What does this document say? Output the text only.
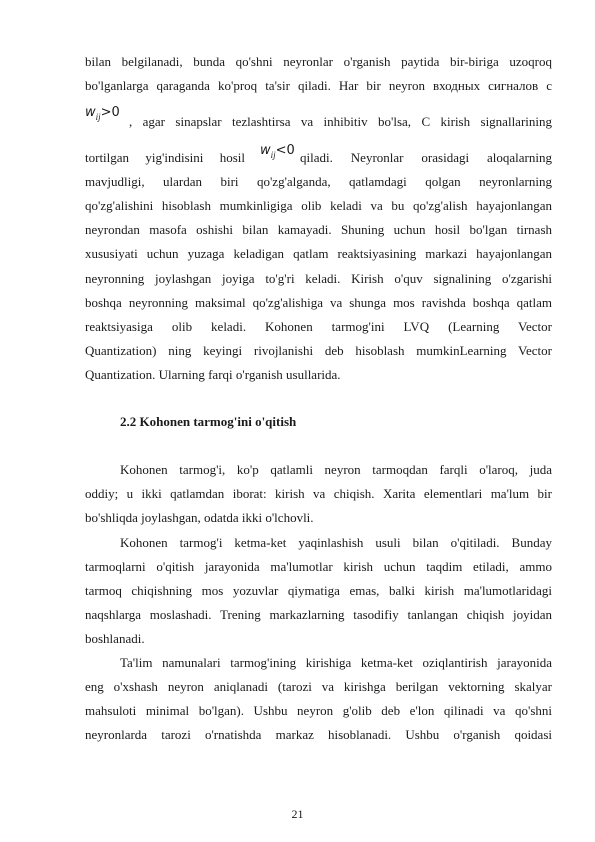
bilan belgilanadi, bunda qo'shni neyronlar o'rganish paytida bir-biriga uzoqroq
bo'lganlarga qaraganda ko'proq ta'sir qiladi. Har bir neyron входных сигналов с
$w_{ij}>0$
, agar sinapslar tezlashtirsa va inhibitiv bo'lsa, С kirish signallarining
tortilgan yig'indisini hosil $w_{ij}<0$ qiladi. Neyronlar orasidagi aloqalarning
mavjudligi, ulardan biri qo'zg'alganda, qatlamdagi qolgan neyronlarning
qo'zg'alishini hisoblash mumkinligiga olib keladi va bu qo'zg'alish hayajonlangan
neyrondan masofa oshishi bilan kamayadi. Shuning uchun hosil bo'lgan tirnash
xususiyati uchun yuzaga keladigan qatlam reaktsiyasining markazi hayajonlangan
neyronning joylashgan joyiga to'g'ri keladi. Kirish o'quv signalining o'zgarishi
boshqa neyronning maksimal qo'zg'alishiga va shunga mos ravishda boshqa qatlam
reaktsiyasiga olib keladi. Kohonen tarmog'ini LVQ (Learning Vector
Quantization) ning keyingi rivojlanishi deb hisoblash mumkinLearning Vector
Quantization. Ularning farqi o'rganish usullarida.
2.2 Kohonen tarmog'ini o'qitish
Kohonen tarmog'i, ko'p qatlamli neyron tarmoqdan farqli o'laroq, juda
oddiy; u ikki qatlamdan iborat: kirish va chiqish. Xarita elementlari ma'lum bir
bo'shliqda joylashgan, odatda ikki o'lchovli.
Kohonen tarmog'i ketma-ket yaqinlashish usuli bilan o'qitiladi. Bunday
tarmoqlarni o'qitish jarayonida ma'lumotlar kirish uchun taqdim etiladi, ammo
tarmoq chiqishning mos yozuvlar qiymatiga emas, balki kirish ma'lumotlaridagi
naqshlarga moslashadi. Trening markazlarning tasodifiy tanlangan chiqish joyidan
boshlanadi.
Ta'lim namunalari tarmog'ining kirishiga ketma-ket oziqlantirish jarayonida
eng o'xshash neyron aniqlanadi (tarozi va kirishga berilgan vektorning skalyar
mahsuloti minimal bo'lgan). Ushbu neyron g'olib deb e'lon qilinadi va qo'shni
neyronlarda tarozi o'rnatishda markaz hisoblanadi. Ushbu o'rganish qoidasi
21
